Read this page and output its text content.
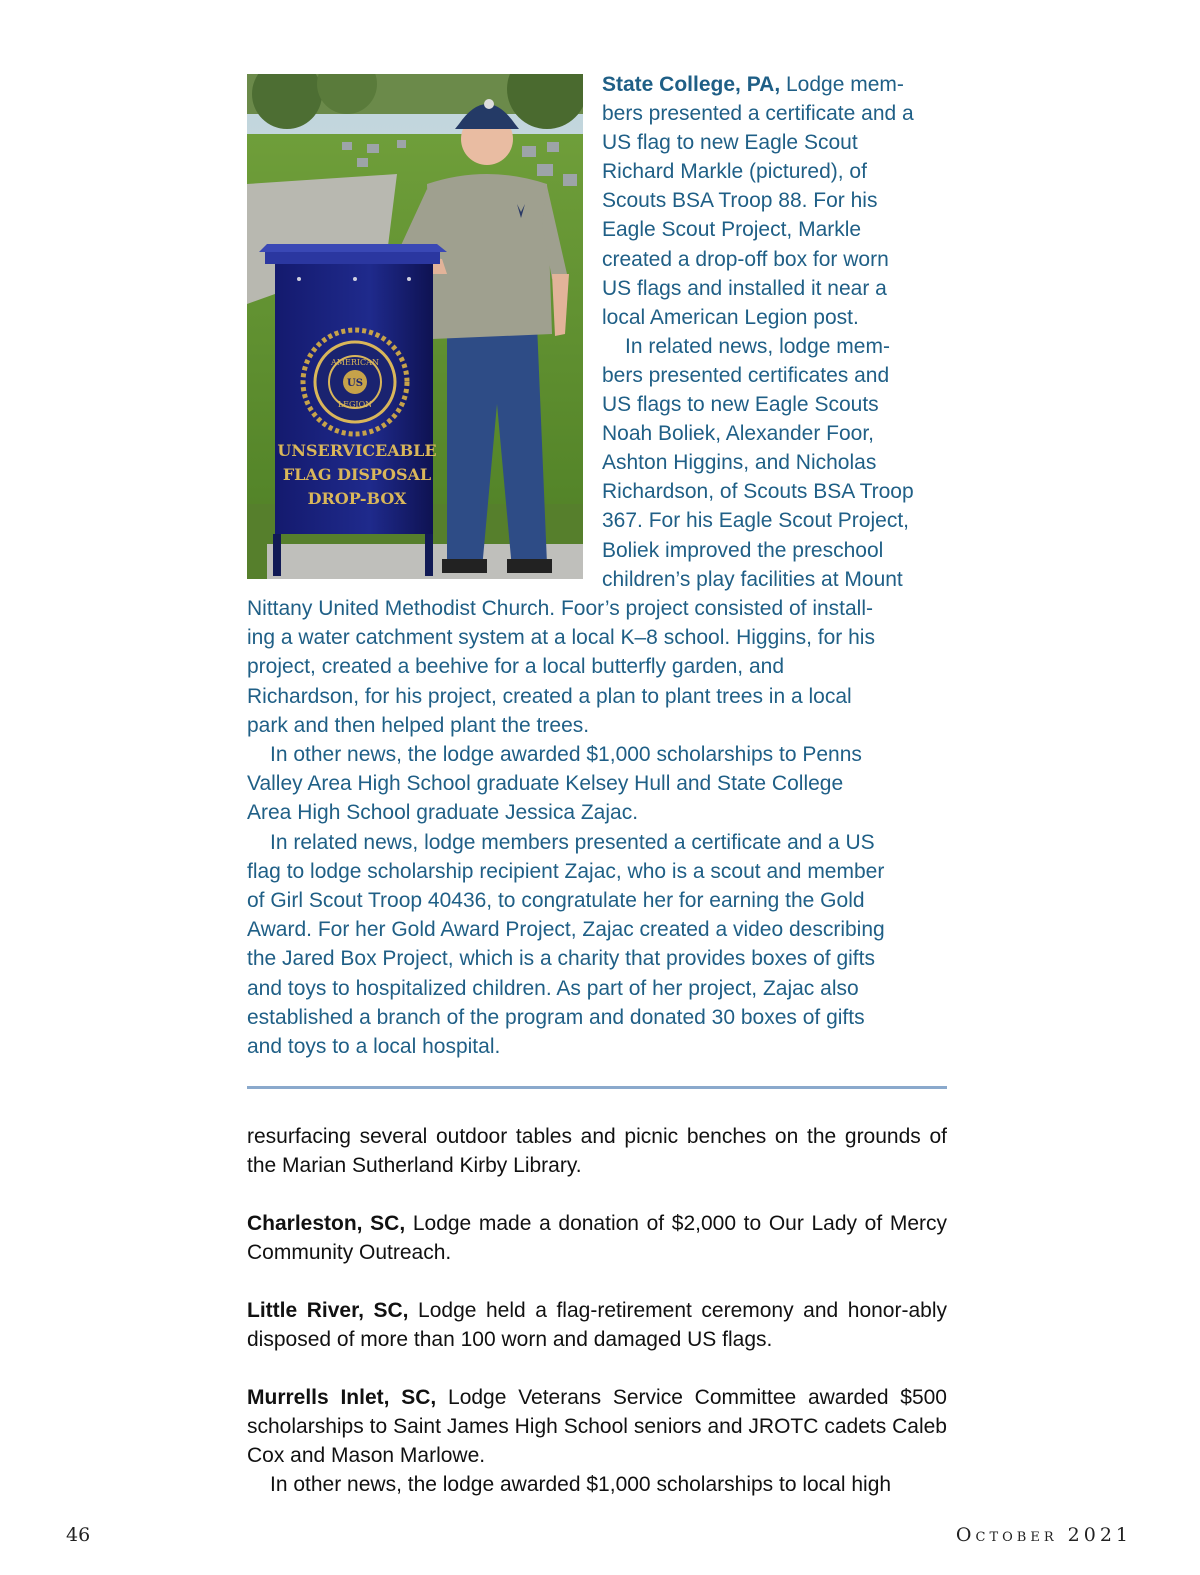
AMERICAN
US
LEGION
UNSERVICEABLE
FLAG DISPOSAL
DROP-BOX
State College, PA, Lodge mem-
bers presented a certificate and a
US flag to new Eagle Scout
Richard Markle (pictured), of
Scouts BSA Troop 88. For his
Eagle Scout Project, Markle
created a drop-off box for worn
US flags and installed it near a
local American Legion post.
In related news, lodge mem-
bers presented certificates and
US flags to new Eagle Scouts
Noah Boliek, Alexander Foor,
Ashton Higgins, and Nicholas
Richardson, of Scouts BSA Troop
367. For his Eagle Scout Project,
Boliek improved the preschool
children’s play facilities at Mount
Nittany United Methodist Church. Foor’s project consisted of install-
ing a water catchment system at a local K–8 school. Higgins, for his
project, created a beehive for a local butterfly garden, and
Richardson, for his project, created a plan to plant trees in a local
park and then helped plant the trees.
In other news, the lodge awarded $1,000 scholarships to Penns
Valley Area High School graduate Kelsey Hull and State College
Area High School graduate Jessica Zajac.
In related news, lodge members presented a certificate and a US
flag to lodge scholarship recipient Zajac, who is a scout and member
of Girl Scout Troop 40436, to congratulate her for earning the Gold
Award. For her Gold Award Project, Zajac created a video describing
the Jared Box Project, which is a charity that provides boxes of gifts
and toys to hospitalized children. As part of her project, Zajac also
established a branch of the program and donated 30 boxes of gifts
and toys to a local hospital.

resurfacing several outdoor tables and picnic benches on the grounds of the Marian Sutherland Kirby Library.

Charleston, SC, Lodge made a donation of $2,000 to Our Lady of Mercy Community Outreach.

Little River, SC, Lodge held a flag-retirement ceremony and honor-ably disposed of more than 100 worn and damaged US flags.

Murrells Inlet, SC, Lodge Veterans Service Committee awarded $500 scholarships to Saint James High School seniors and JROTC cadets Caleb Cox and Mason Marlowe.

In other news, the lodge awarded $1,000 scholarships to local high

46	October 2021
